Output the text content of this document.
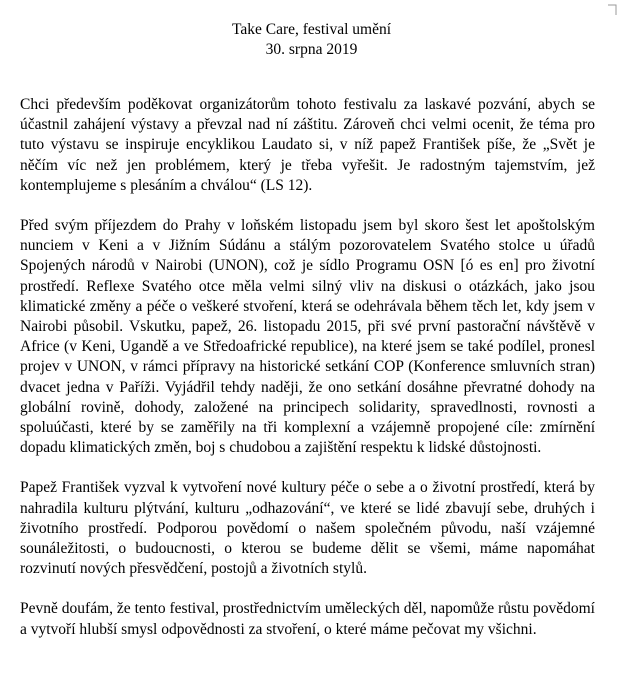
Take Care, festival umění
30. srpna 2019

Chci především poděkovat organizátorům tohoto festivalu za laskavé pozvání, abych se účastnil zahájení výstavy a převzal nad ní záštitu. Zároveň chci velmi ocenit, že téma pro tuto výstavu se inspiruje encyklikou Laudato si, v níž papež František píše, že „Svět je něčím víc než jen problémem, který je třeba vyřešit. Je radostným tajemstvím, jež kontemplujeme s plesáním a chválou“ (LS 12).

Před svým příjezdem do Prahy v loňském listopadu jsem byl skoro šest let apoštolským nunciem v Keni a v Jižním Súdánu a stálým pozorovatelem Svatého stolce u úřadů Spojených národů v Nairobi (UNON), což je sídlo Programu OSN [ó es en] pro životní prostředí. Reflexe Svatého otce měla velmi silný vliv na diskusi o otázkách, jako jsou klimatické změny a péče o veškeré stvoření, která se odehrávala během těch let, kdy jsem v Nairobi působil. Vskutku, papež, 26. listopadu 2015, při své první pastorační návštěvě v Africe (v Keni, Ugandě a ve Středoafrické republice), na které jsem se také podílel, pronesl projev v UNON, v rámci přípravy na historické setkání COP (Konference smluvních stran) dvacet jedna v Paříži. Vyjádřil tehdy naději, že ono setkání dosáhne převratné dohody na globální rovině, dohody, založené na principech solidarity, spravedlnosti, rovnosti a spoluúčasti, které by se zaměřily na tři komplexní a vzájemně propojené cíle: zmírnění dopadu klimatických změn, boj s chudobou a zajištění respektu k lidské důstojnosti.

Papež František vyzval k vytvoření nové kultury péče o sebe a o životní prostředí, která by nahradila kulturu plýtvání, kulturu „odhazování“, ve které se lidé zbavují sebe, druhých i životního prostředí. Podporou povědomí o našem společném původu, naší vzájemné sounáležitosti, o budoucnosti, o kterou se budeme dělit se všemi, máme napomáhat rozvinutí nových přesvědčení, postojů a životních stylů.

Pevně doufám, že tento festival, prostřednictvím uměleckých děl, napomůže růstu povědomí a vytvoří hlubší smysl odpovědnosti za stvoření, o které máme pečovat my všichni.
